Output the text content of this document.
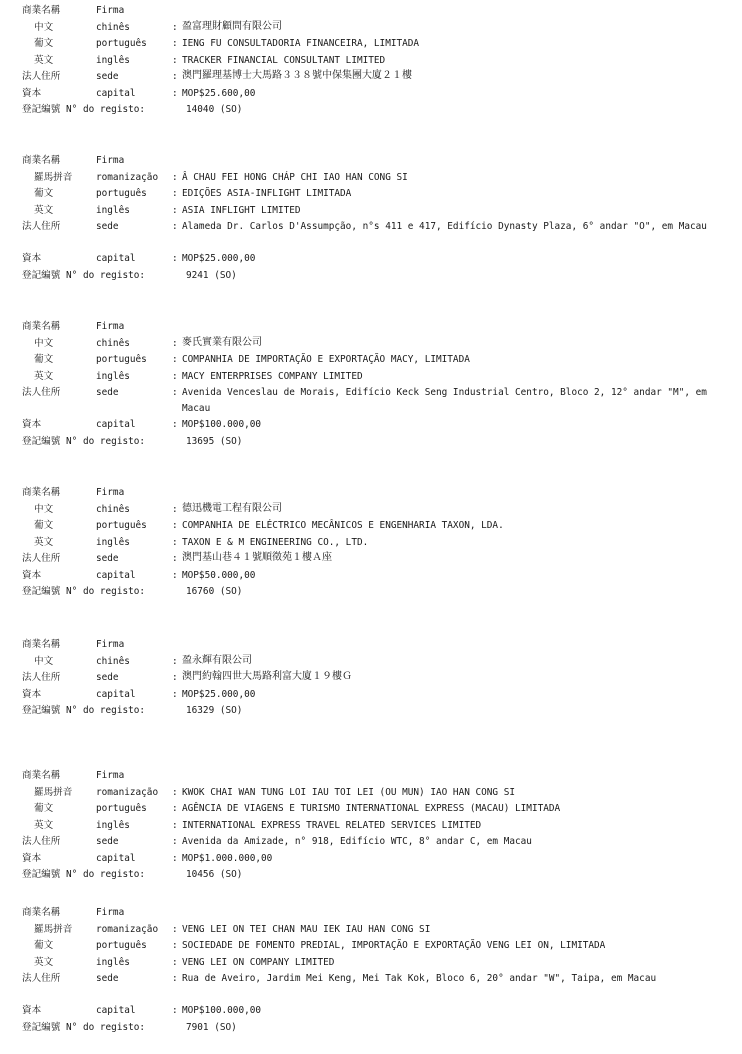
商業名稱	Firma
中文	chinês	: 盈富理財顧問有限公司
葡文	português	: IENG FU CONSULTADORIA FINANCEIRA, LIMITADA
英文	inglês	: TRACKER FINANCIAL CONSULTANT LIMITED
法人住所	sede	: 澳門羅理基博士大馬路３３８號中保集團大廈２１樓
資本	capital	: MOP$25.600,00
登記編號 N° do registo:	14040 (SO)
商業名稱	Firma
羅馬拼音	romanização : Â CHAU FEI HONG CHÁP CHI IAO HAN CONG SI
葡文	português	: EDIÇÕES ASIA-INFLIGHT LIMITADA
英文	inglês	: ASIA INFLIGHT LIMITED
法人住所	sede	: Alameda Dr. Carlos D'Assumpção, n°s 411 e 417, Edifício Dynasty Plaza, 6° andar "O", em Macau
資本	capital	: MOP$25.000,00
登記編號 N° do registo:	9241 (SO)
商業名稱	Firma
中文	chinês	: 麥氏實業有限公司
葡文	português	: COMPANHIA DE IMPORTAÇÃO E EXPORTAÇÃO MACY, LIMITADA
英文	inglês	: MACY ENTERPRISES COMPANY LIMITED
法人住所	sede	: Avenida Venceslau de Morais, Edifício Keck Seng Industrial Centro, Bloco 2, 12° andar "M", em Macau
資本	capital	: MOP$100.000,00
登記編號 N° do registo:	13695 (SO)
商業名稱	Firma
中文	chinês	: 德迅機電工程有限公司
葡文	português	: COMPANHIA DE ELÉCTRICO MECÂNICOS E ENGENHARIA TAXON, LDA.
英文	inglês	: TAXON E & M ENGINEERING CO., LTD.
法人住所	sede	: 澳門基山巷４１號順徵苑１樓Ａ座
資本	capital	: MOP$50.000,00
登記編號 N° do registo:	16760 (SO)
商業名稱	Firma
中文	chinês	: 盈永輝有限公司
法人住所	sede	: 澳門約翰四世大馬路利富大廈１９樓Ｇ
資本	capital	: MOP$25.000,00
登記編號 N° do registo:	16329 (SO)
商業名稱	Firma
羅馬拼音	romanização : KWOK CHAI WAN TUNG LOI IAU TOI LEI (OU MUN) IAO HAN CONG SI
葡文	português	: AGÊNCIA DE VIAGENS E TURISMO INTERNATIONAL EXPRESS (MACAU) LIMITADA
英文	inglês	: INTERNATIONAL EXPRESS TRAVEL RELATED SERVICES LIMITED
法人住所	sede	: Avenida da Amizade, n° 918, Edifício WTC, 8° andar C, em Macau
資本	capital	: MOP$1.000.000,00
登記編號 N° do registo:	10456 (SO)
商業名稱	Firma
羅馬拼音	romanização : VENG LEI ON TEI CHAN MAU IEK IAU HAN CONG SI
葡文	português	: SOCIEDADE DE FOMENTO PREDIAL, IMPORTAÇÃO E EXPORTAÇÃO VENG LEI ON, LIMITADA
英文	inglês	: VENG LEI ON COMPANY LIMITED
法人住所	sede	: Rua de Aveiro, Jardim Mei Keng, Mei Tak Kok, Bloco 6, 20° andar "W", Taipa, em Macau
資本	capital	: MOP$100.000,00
登記編號 N° do registo:	7901 (SO)
